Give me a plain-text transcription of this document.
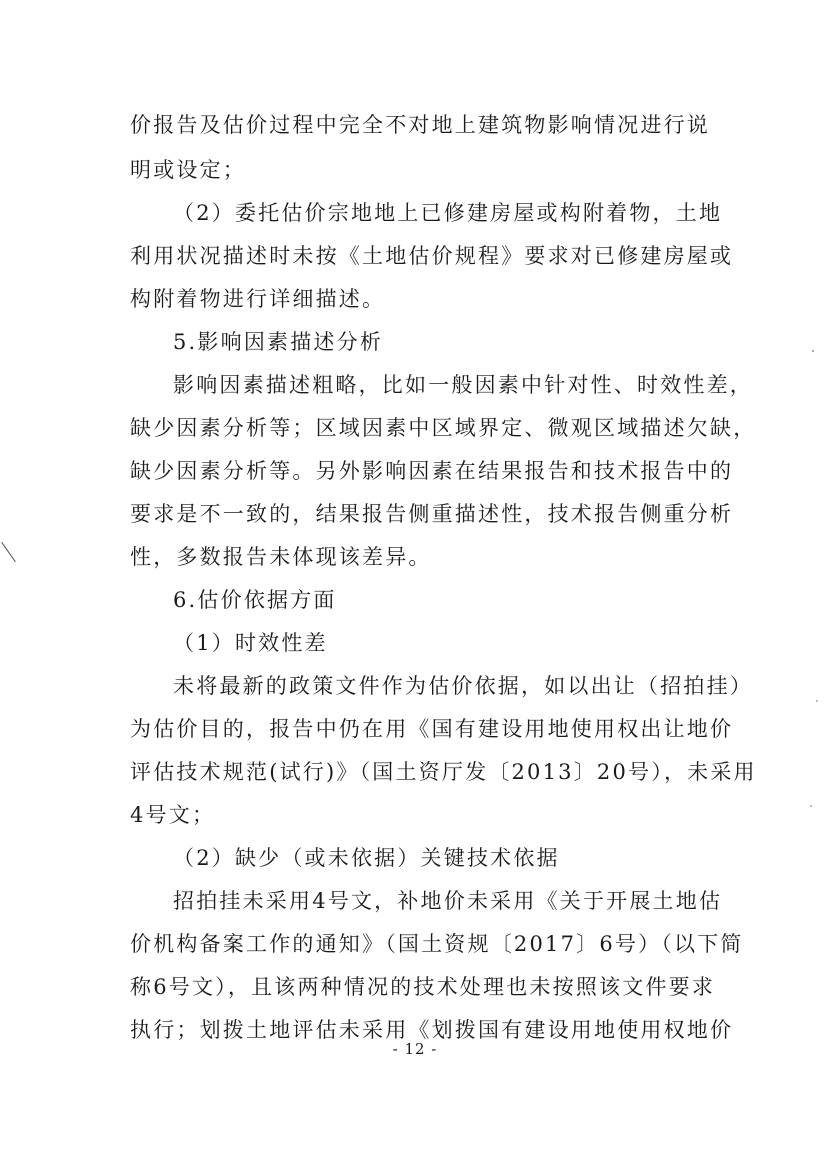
价报告及估价过程中完全不对地上建筑物影响情况进行说
明或设定；
（2）委托估价宗地地上已修建房屋或构附着物，土地
利用状况描述时未按《土地估价规程》要求对已修建房屋或
构附着物进行详细描述。
5.影响因素描述分析
影响因素描述粗略，比如一般因素中针对性、时效性差，
缺少因素分析等；区域因素中区域界定、微观区域描述欠缺，
缺少因素分析等。另外影响因素在结果报告和技术报告中的
要求是不一致的，结果报告侧重描述性，技术报告侧重分析
性，多数报告未体现该差异。
6.估价依据方面
（1）时效性差
未将最新的政策文件作为估价依据，如以出让（招拍挂）
为估价目的，报告中仍在用《国有建设用地使用权出让地价
评估技术规范(试行)》（国土资厅发〔2013〕20号），未采用
4号文；
（2）缺少（或未依据）关键技术依据
招拍挂未采用4号文，补地价未采用《关于开展土地估
价机构备案工作的通知》（国土资规〔2017〕6号）（以下简
称6号文），且该两种情况的技术处理也未按照该文件要求
执行；划拨土地评估未采用《划拨国有建设用地使用权地价
- 12 -
